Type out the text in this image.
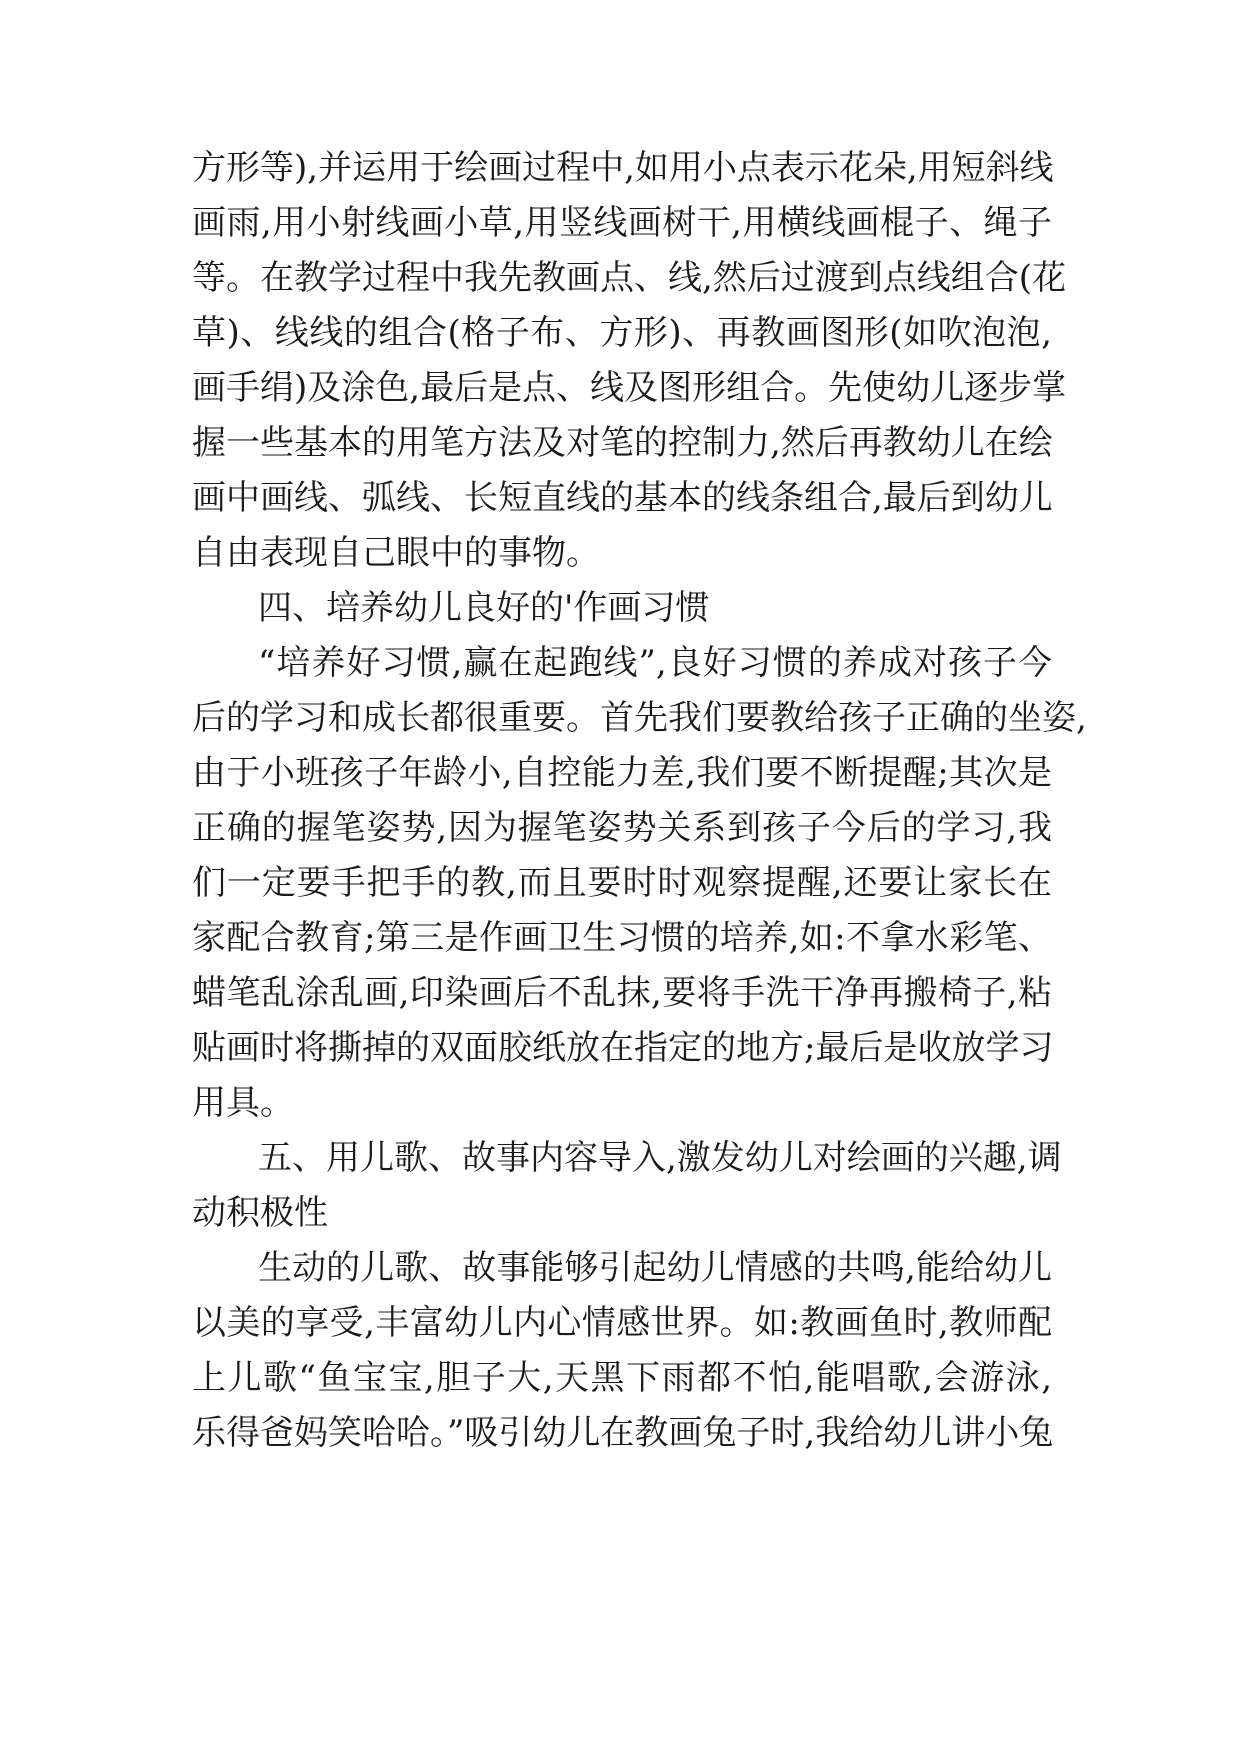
方形等),并运用于绘画过程中,如用小点表示花朵,用短斜线
画雨,用小射线画小草,用竖线画树干,用横线画棍子、绳子
等。在教学过程中我先教画点、线,然后过渡到点线组合(花
草)、线线的组合(格子布、方形)、再教画图形(如吹泡泡,
画手绢)及涂色,最后是点、线及图形组合。先使幼儿逐步掌
握一些基本的用笔方法及对笔的控制力,然后再教幼儿在绘
画中画线、弧线、长短直线的基本的线条组合,最后到幼儿
自由表现自己眼中的事物。
四、培养幼儿良好的'作画习惯
“培养好习惯,赢在起跑线”,良好习惯的养成对孩子今
后的学习和成长都很重要。首先我们要教给孩子正确的坐姿,
由于小班孩子年龄小,自控能力差,我们要不断提醒;其次是
正确的握笔姿势,因为握笔姿势关系到孩子今后的学习,我
们一定要手把手的教,而且要时时观察提醒,还要让家长在
家配合教育;第三是作画卫生习惯的培养,如:不拿水彩笔、
蜡笔乱涂乱画,印染画后不乱抹,要将手洗干净再搬椅子,粘
贴画时将撕掉的双面胶纸放在指定的地方;最后是收放学习
用具。
五、用儿歌、故事内容导入,激发幼儿对绘画的兴趣,调
动积极性
生动的儿歌、故事能够引起幼儿情感的共鸣,能给幼儿
以美的享受,丰富幼儿内心情感世界。如:教画鱼时,教师配
上儿歌“鱼宝宝,胆子大,天黑下雨都不怕,能唱歌,会游泳,
乐得爸妈笑哈哈。”吸引幼儿在教画兔子时,我给幼儿讲小兔
